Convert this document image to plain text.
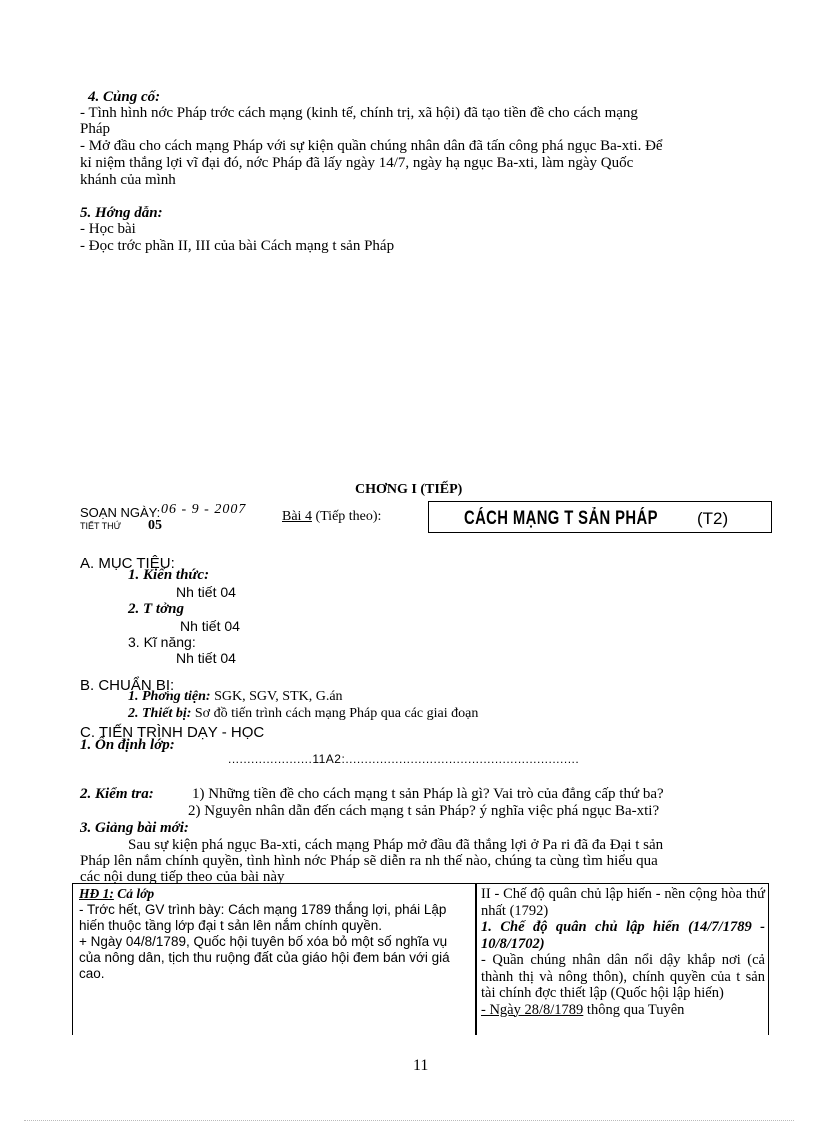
4. Củng cố:
- Tình hình nớc Pháp trớc cách mạng (kinh tế, chính trị, xã hội) đã tạo tiền đề cho cách mạng
Pháp
- Mở đầu cho cách mạng Pháp với sự kiện quần chúng nhân dân đã tấn công phá ngục Ba-xti. Để
kỉ niệm thắng lợi vĩ đại đó, nớc Pháp đã lấy ngày 14/7, ngày hạ ngục Ba-xti, làm ngày Quốc
khánh của mình
5. Hớng dẫn:
- Học bài
- Đọc trớc phần II, III của bài Cách mạng t sản Pháp
CHƠNG I (TIẾP)
SOẠN NGÀY: 06 - 9 - 2007
TIẾT THỨ 05
Bài 4 (Tiếp theo):	CÁCH MẠNG T SẢN PHÁP (T2)
A. MỤC TIÊU:
1. Kiến thức:
Nh tiết 04
2. T tởng
Nh tiết 04
3. Kĩ năng:
Nh tiết 04
B. CHUẨN BỊ:
1. Phơng tiện: SGK, SGV, STK, G.án
2. Thiết bị: Sơ đồ tiến trình cách mạng Pháp qua các giai đoạn
C. TIẾN TRÌNH DẠY - HỌC
1. Ổn định lớp:
......................11A2:.............................................................
2. Kiểm tra:	1) Những tiền đề cho cách mạng t sản Pháp là gì? Vai trò của đẳng cấp thứ ba?
2) Nguyên nhân dẫn đến cách mạng t sản Pháp? ý nghĩa việc phá ngục Ba-xti?
3. Giảng bài mới:
Sau sự kiện phá ngục Ba-xti, cách mạng Pháp mở đầu đã thắng lợi ở Pa ri đã đa Đại t sản
Pháp lên nắm chính quyền, tình hình nớc Pháp sẽ diễn ra nh thế nào, chúng ta cùng tìm hiểu qua
các nội dung tiếp theo của bài này
HĐ 1: Cả lớp
- Trớc hết, GV trình bày: Cách mạng 1789 thắng lợi, phái Lập hiến thuộc tầng lớp đại t sản lên nắm chính quyền.
+ Ngày 04/8/1789, Quốc hội tuyên bố xóa bỏ một số nghĩa vụ của nông dân, tịch thu ruộng đất của giáo hội đem bán với giá cao.
II - Chế độ quân chủ lập hiến - nền cộng hòa thứ nhất (1792)
1. Chế độ quân chủ lập hiến (14/7/1789 - 10/8/1702)
- Quần chúng nhân dân nổi dậy khắp nơi (cả thành thị và nông thôn), chính quyền của t sản tài chính đợc thiết lập (Quốc hội lập hiến)
- Ngày 28/8/1789 thông qua Tuyên
11
